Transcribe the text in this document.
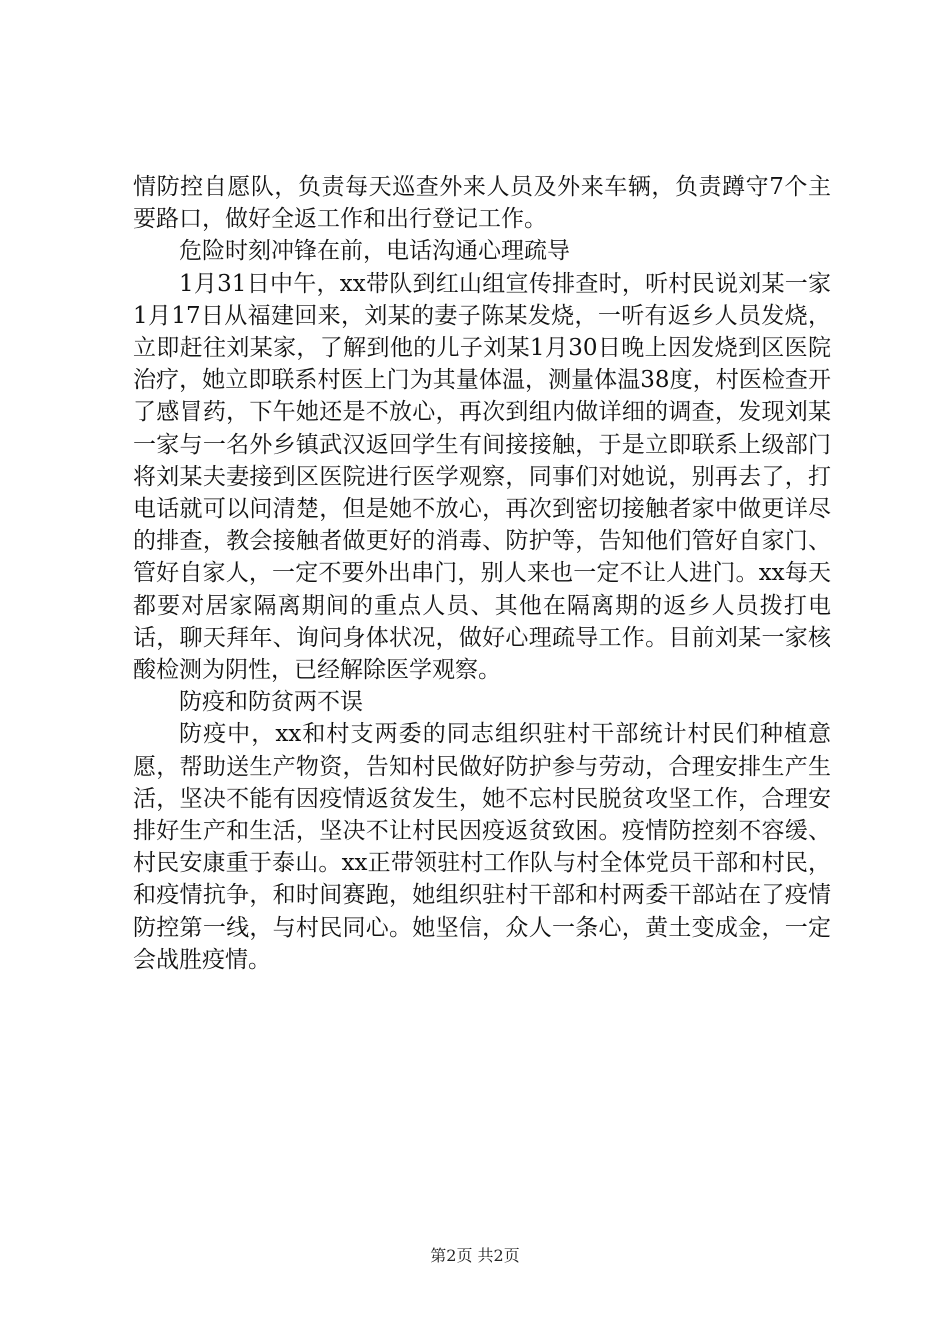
情防控自愿队，负责每天巡查外来人员及外来车辆，负责蹲守7个主要路口，做好全返工作和出行登记工作。

危险时刻冲锋在前，电话沟通心理疏导

1月31日中午，xx带队到红山组宣传排查时，听村民说刘某一家1月17日从福建回来，刘某的妻子陈某发烧，一听有返乡人员发烧，立即赶往刘某家，了解到他的儿子刘某1月30日晚上因发烧到区医院治疗，她立即联系村医上门为其量体温，测量体温38度，村医检查开了感冒药，下午她还是不放心，再次到组内做详细的调查，发现刘某一家与一名外乡镇武汉返回学生有间接接触，于是立即联系上级部门将刘某夫妻接到区医院进行医学观察，同事们对她说，别再去了，打电话就可以问清楚，但是她不放心，再次到密切接触者家中做更详尽的排查，教会接触者做更好的消毒、防护等，告知他们管好自家门、管好自家人，一定不要外出串门，别人来也一定不让人进门。xx每天都要对居家隔离期间的重点人员、其他在隔离期的返乡人员拨打电话，聊天拜年、询问身体状况，做好心理疏导工作。目前刘某一家核酸检测为阴性，已经解除医学观察。

防疫和防贫两不误

防疫中，xx和村支两委的同志组织驻村干部统计村民们种植意愿，帮助送生产物资，告知村民做好防护参与劳动，合理安排生产生活，坚决不能有因疫情返贫发生，她不忘村民脱贫攻坚工作，合理安排好生产和生活，坚决不让村民因疫返贫致困。疫情防控刻不容缓、村民安康重于泰山。xx正带领驻村工作队与村全体党员干部和村民，和疫情抗争，和时间赛跑，她组织驻村干部和村两委干部站在了疫情防控第一线，与村民同心。她坚信，众人一条心，黄土变成金，一定会战胜疫情。

第2页 共2页
